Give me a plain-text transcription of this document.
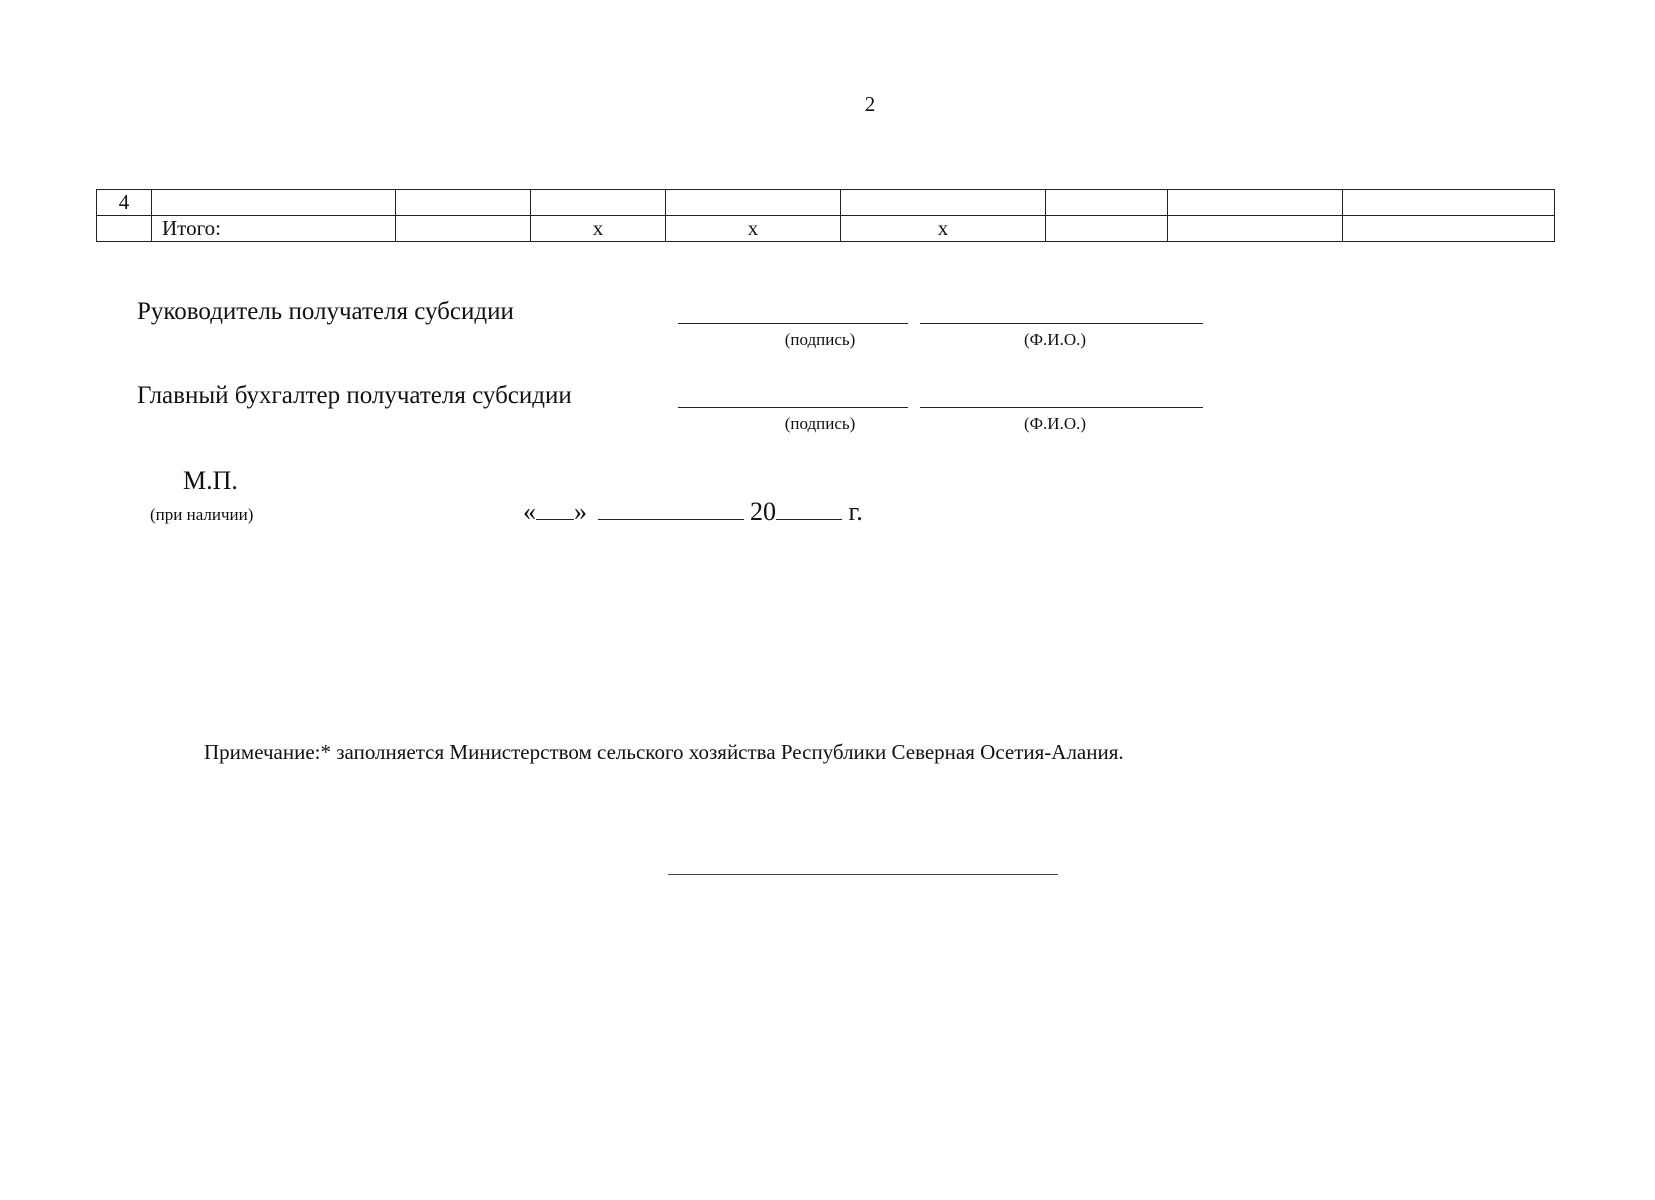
2
4								
	Итого:		х	х	х			
Руководитель получателя субсидии
(подпись)	(Ф.И.О.)
Главный бухгалтер получателя субсидии
(подпись)	(Ф.И.О.)
М.П.
(при наличии)	« »	20	г.
Примечание:* заполняется Министерством сельского хозяйства Республики Северная Осетия-Алания.
